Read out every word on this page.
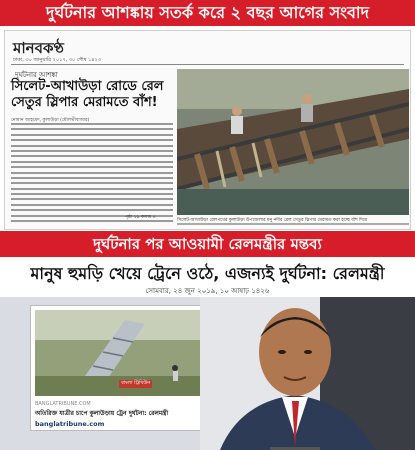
দুর্ঘটনার আশঙ্কায় সতর্ক করে ২ বছর আগের সংবাদ
মানবকণ্ঠ
ঢাকা, ৩০ জানুয়ারি ২০১৭, ৩০ পৌষ ১৪২৩
দুর্ঘটনার আশঙ্কা
সিলেট-আখাউড়া রোডে রেল সেতুর স্লিপার মেরামতে বাঁশ!
নোমান আহমেদ, কুলাউড়া (মৌলভীবাজার)
পৃষ্ঠা ১৯ কলাম ৪
সিলেট-আখাউড়া রেলপথের কুলাউড়া উপজেলার মনু নদীর রেল সেতুর স্লিপার মেরামত করা হচ্ছে বাঁশ দিয়ে
দুর্ঘটনার পর আওয়ামী রেলমন্ত্রীর মন্তব্য
মানুষ হুমড়ি খেয়ে ট্রেনে ওঠে, এজন্যই দুর্ঘটনা: রেলমন্ত্রী
সোমবার, ২৪ জুন ২০১৯, ১০ আষাঢ় ১৪২৬
বাংলা ট্রিবিউন
BANGLATRIBUNE.COM
অতিরিক্ত যাত্রীর চাপে কুলাউড়ায় ট্রেন দুর্ঘটনা: রেলমন্ত্রী
banglatribune.com
